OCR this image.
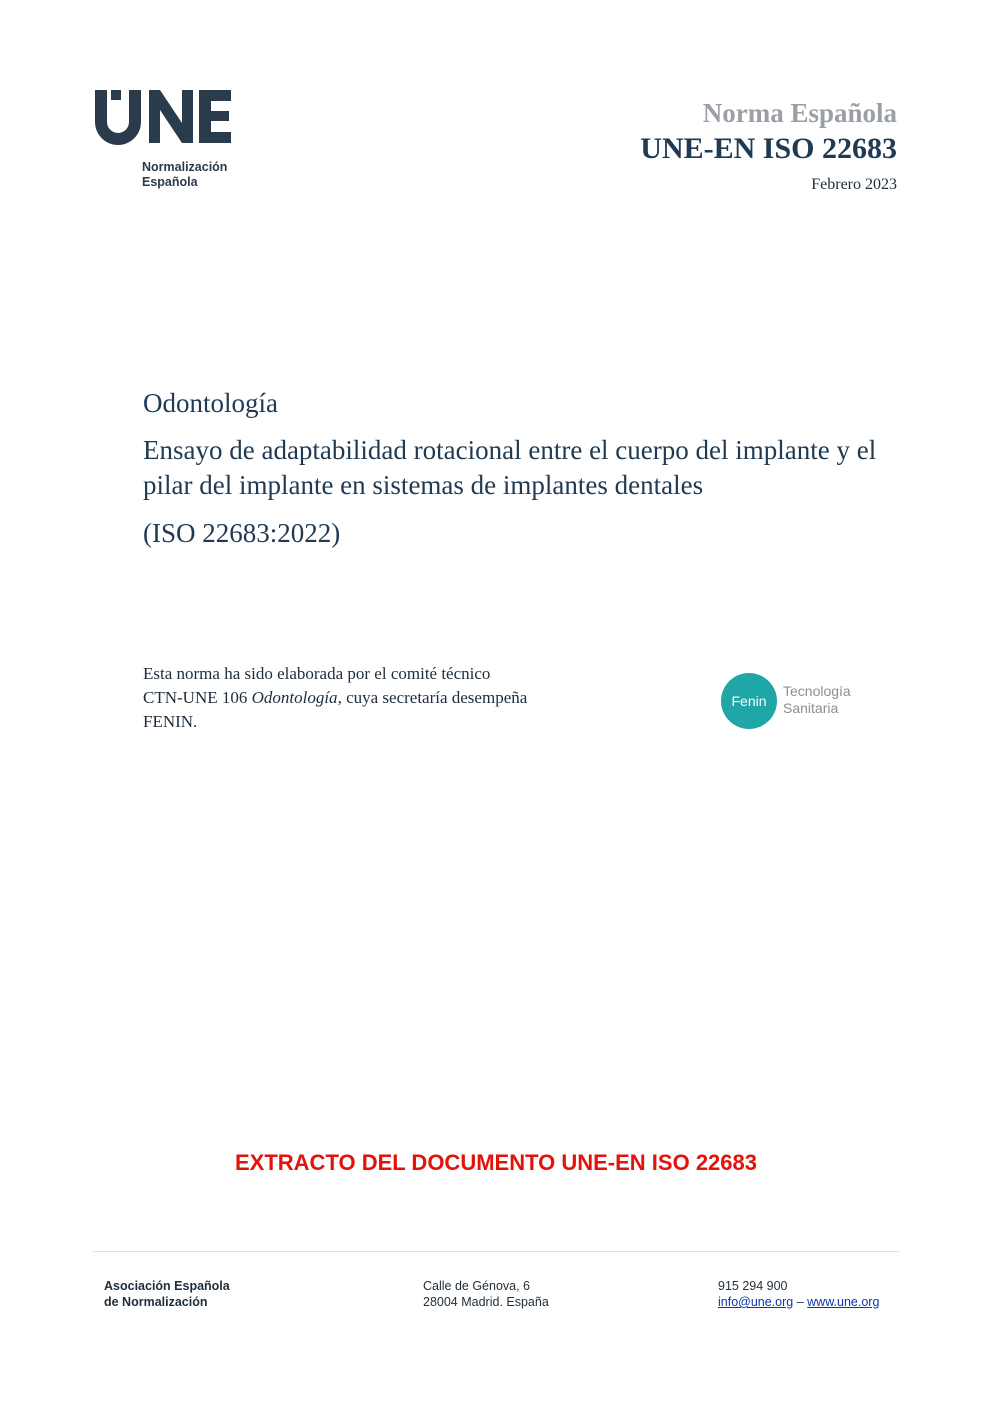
Normalización
Española
Norma Española
UNE-EN ISO 22683
Febrero 2023

Odontología

Ensayo de adaptabilidad rotacional entre el cuerpo del implante y el pilar del implante en sistemas de implantes dentales

(ISO 22683:2022)

Esta norma ha sido elaborada por el comité técnico

CTN-UNE 106 Odontología, cuya secretaría desempeña

FENIN.

Fenin
Tecnología
Sanitaria
EXTRACTO DEL DOCUMENTO UNE-EN ISO 22683
Asociación Española
de Normalización
Calle de Génova, 6
28004 Madrid. España
915 294 900
info@une.org – www.une.org
